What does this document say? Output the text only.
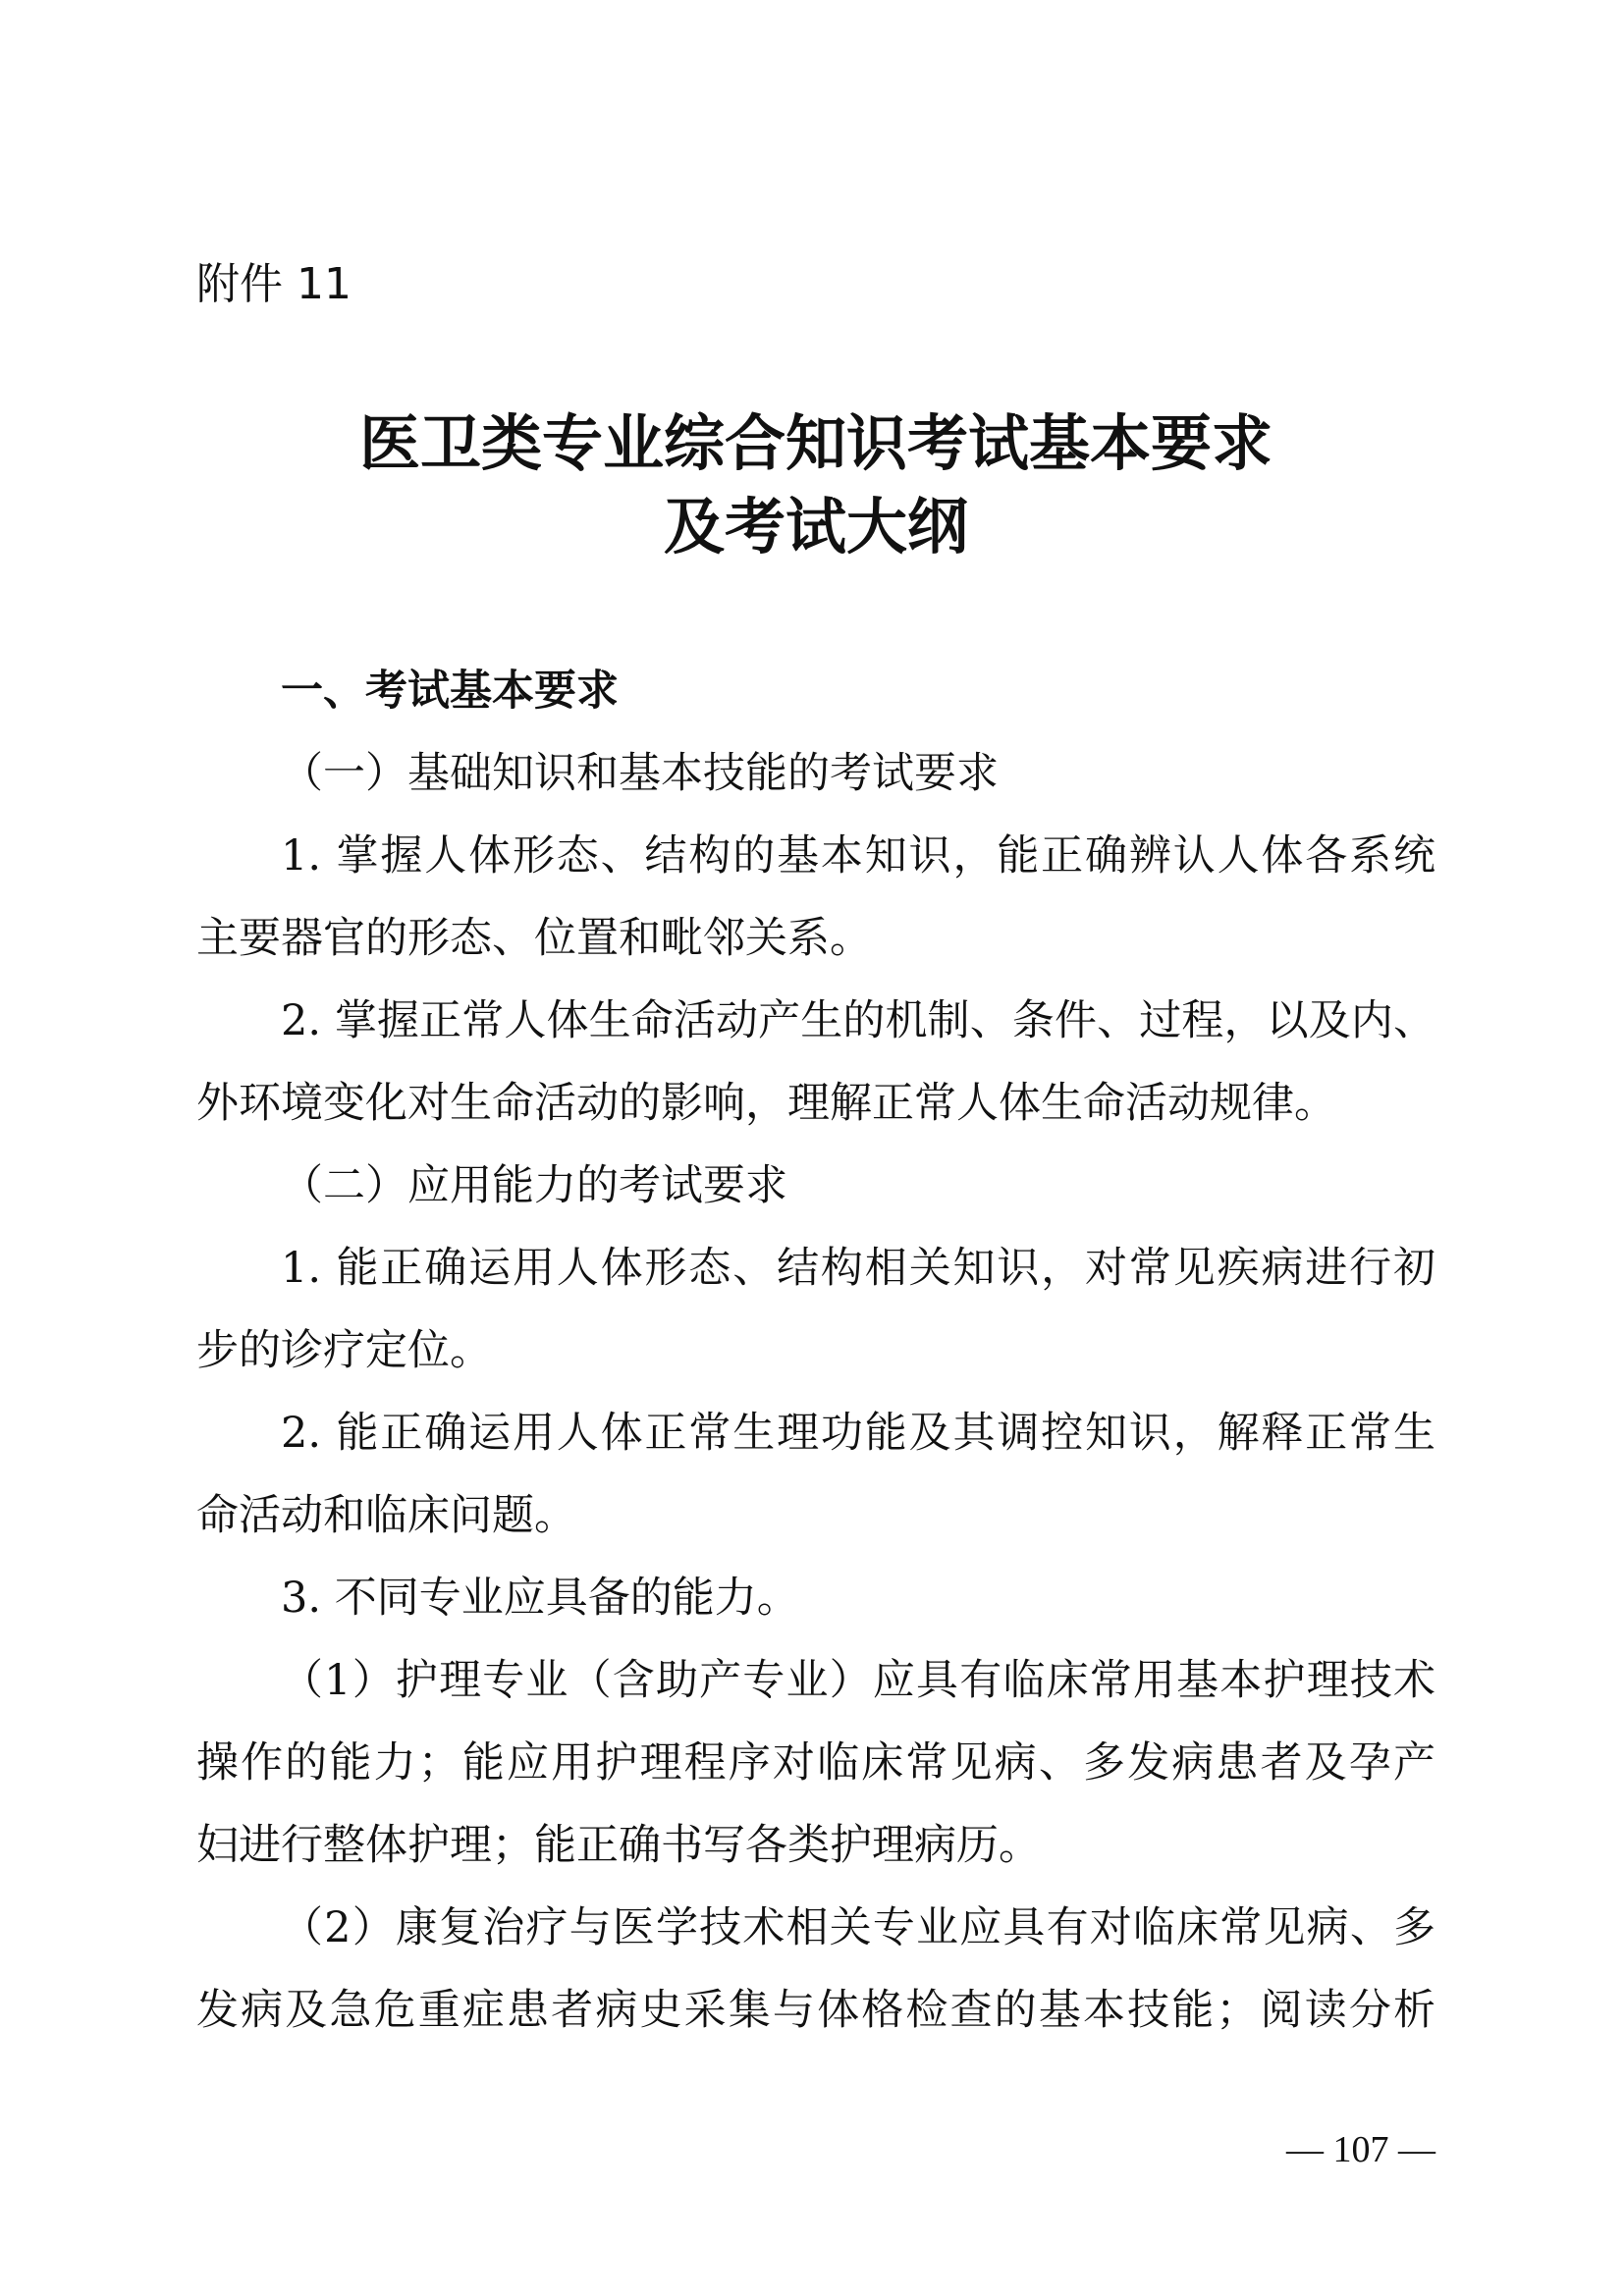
附件 11
医卫类专业综合知识考试基本要求
及考试大纲
一、考试基本要求
（一）基础知识和基本技能的考试要求
1. 掌握人体形态、结构的基本知识，能正确辨认人体各系统
主要器官的形态、位置和毗邻关系。
2. 掌握正常人体生命活动产生的机制、条件、过程，以及内、
外环境变化对生命活动的影响，理解正常人体生命活动规律。
（二）应用能力的考试要求
1. 能正确运用人体形态、结构相关知识，对常见疾病进行初
步的诊疗定位。
2. 能正确运用人体正常生理功能及其调控知识，解释正常生
命活动和临床问题。
3. 不同专业应具备的能力。
（1）护理专业（含助产专业）应具有临床常用基本护理技术
操作的能力；能应用护理程序对临床常见病、多发病患者及孕产
妇进行整体护理；能正确书写各类护理病历。
（2）康复治疗与医学技术相关专业应具有对临床常见病、多
发病及急危重症患者病史采集与体格检查的基本技能；阅读分析
— 107 —
